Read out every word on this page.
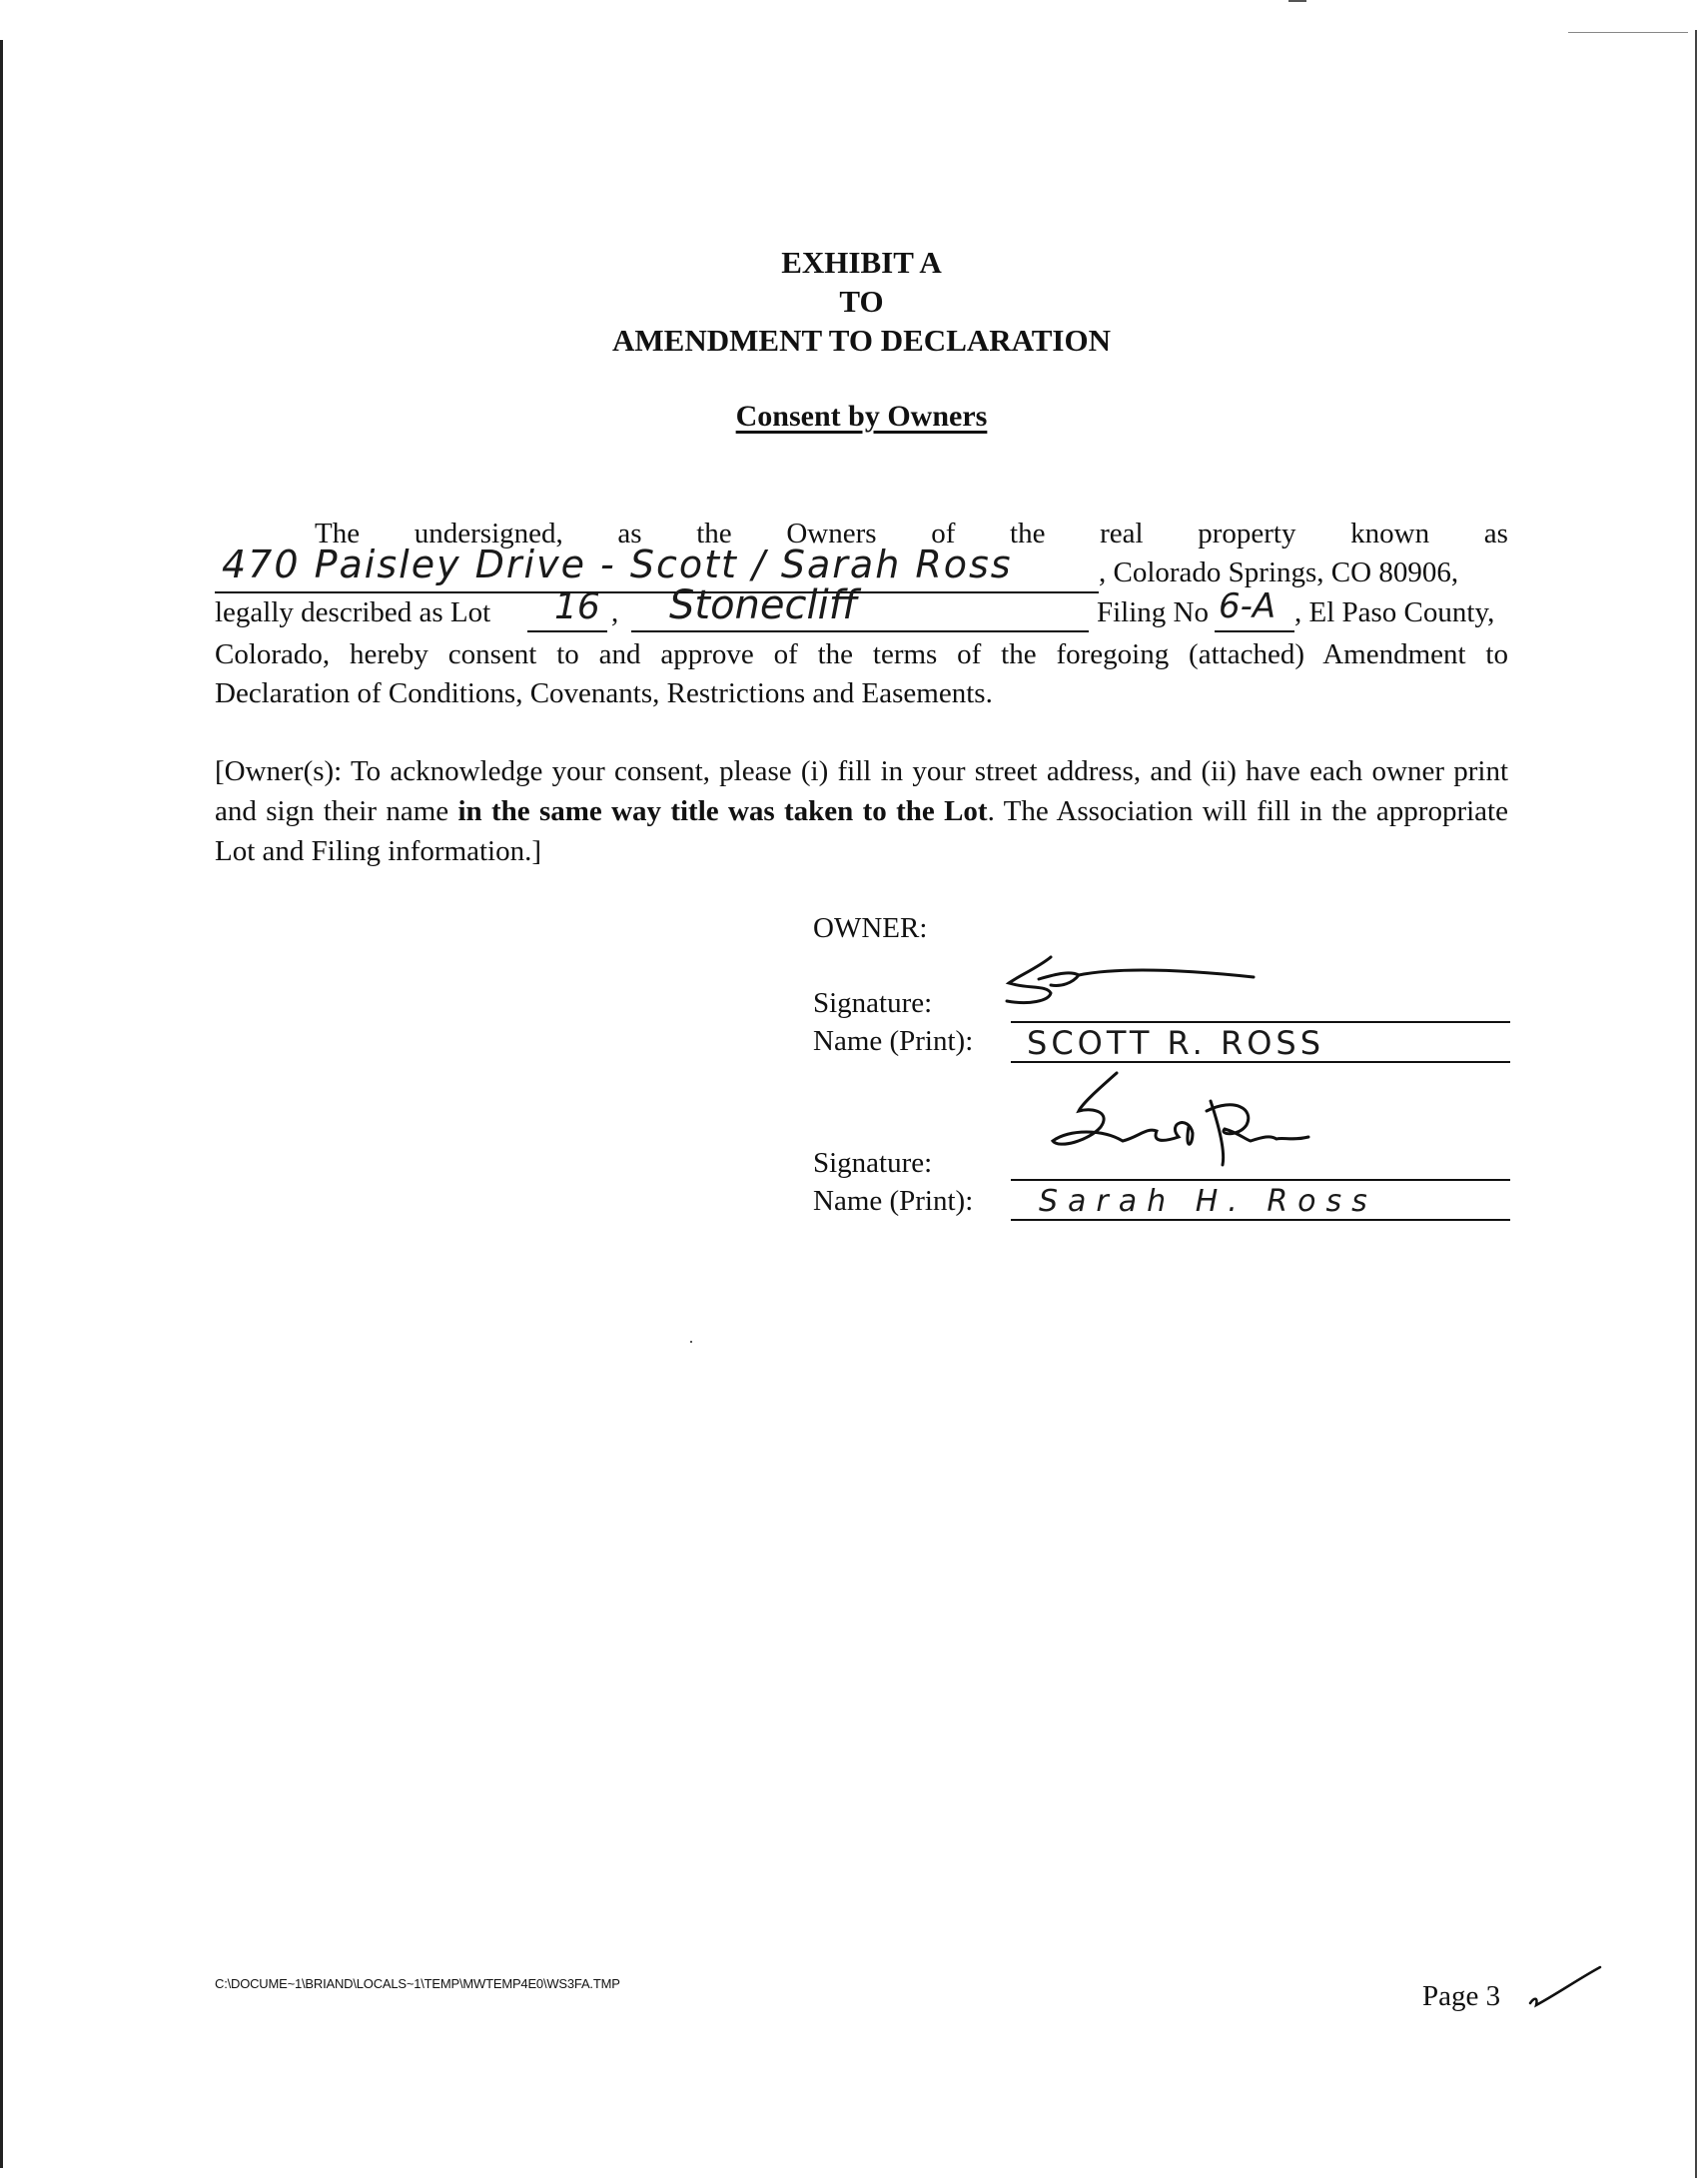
EXHIBIT A
TO
AMENDMENT TO DECLARATION
Consent by Owners
The undersigned, as the Owners of the real property known as
470 Paisley Drive - Scott / Sarah Ross	, Colorado Springs, CO 80906,
legally described as Lot	16 ,	Stonecliff	Filing No 6-A , El Paso County,
Colorado, hereby consent to and approve of the terms of the foregoing (attached) Amendment to
Declaration of Conditions, Covenants, Restrictions and Easements.
[Owner(s): To acknowledge your consent, please (i) fill in your street address, and (ii) have each owner print and sign their name in the same way title was taken to the Lot. The Association will fill in the appropriate Lot and Filing information.]
OWNER:
Signature:
Name (Print): SCOTT R. ROSS
Signature:
Name (Print): Sarah H. Ross
C:\DOCUME~1\BRIAND\LOCALS~1\TEMP\MWTEMP4E0\WS3FA.TMP	Page 3
